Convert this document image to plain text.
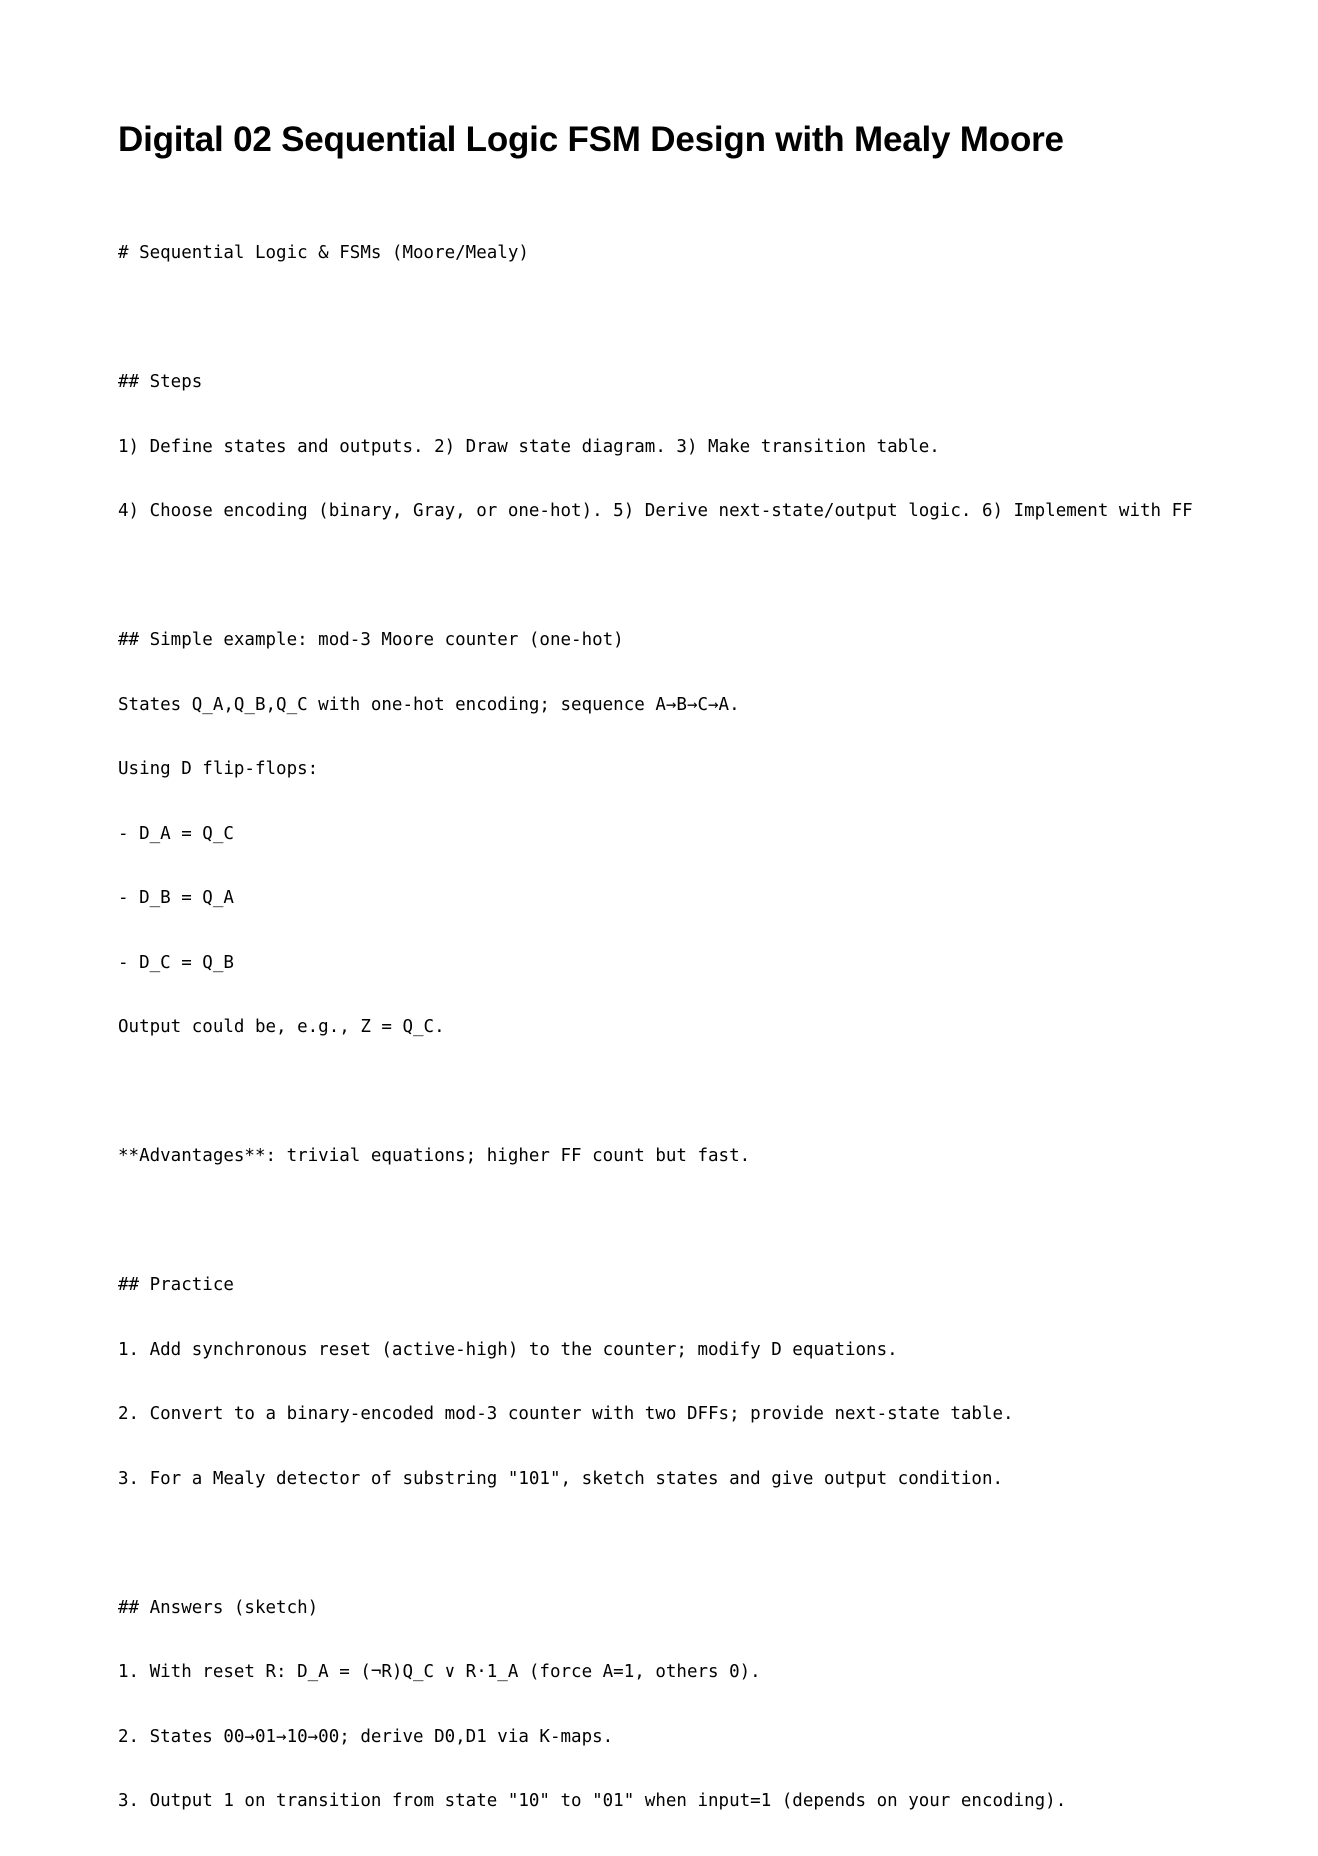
Digital 02 Sequential Logic FSM Design with Mealy Moore

# Sequential Logic & FSMs (Moore/Mealy)

## Steps

1) Define states and outputs. 2) Draw state diagram. 3) Make transition table.

4) Choose encoding (binary, Gray, or one-hot). 5) Derive next-state/output logic. 6) Implement with FF

## Simple example: mod-3 Moore counter (one-hot)

States Q_A,Q_B,Q_C with one-hot encoding; sequence A→B→C→A.

Using D flip-flops:

- D_A = Q_C

- D_B = Q_A

- D_C = Q_B

Output could be, e.g., Z = Q_C.

**Advantages**: trivial equations; higher FF count but fast.

## Practice

1. Add synchronous reset (active-high) to the counter; modify D equations.

2. Convert to a binary-encoded mod-3 counter with two DFFs; provide next-state table.

3. For a Mealy detector of substring "101", sketch states and give output condition.

## Answers (sketch)

1. With reset R: D_A = (¬R)Q_C ∨ R·1_A (force A=1, others 0).

2. States 00→01→10→00; derive D0,D1 via K-maps.

3. Output 1 on transition from state "10" to "01" when input=1 (depends on your encoding).
